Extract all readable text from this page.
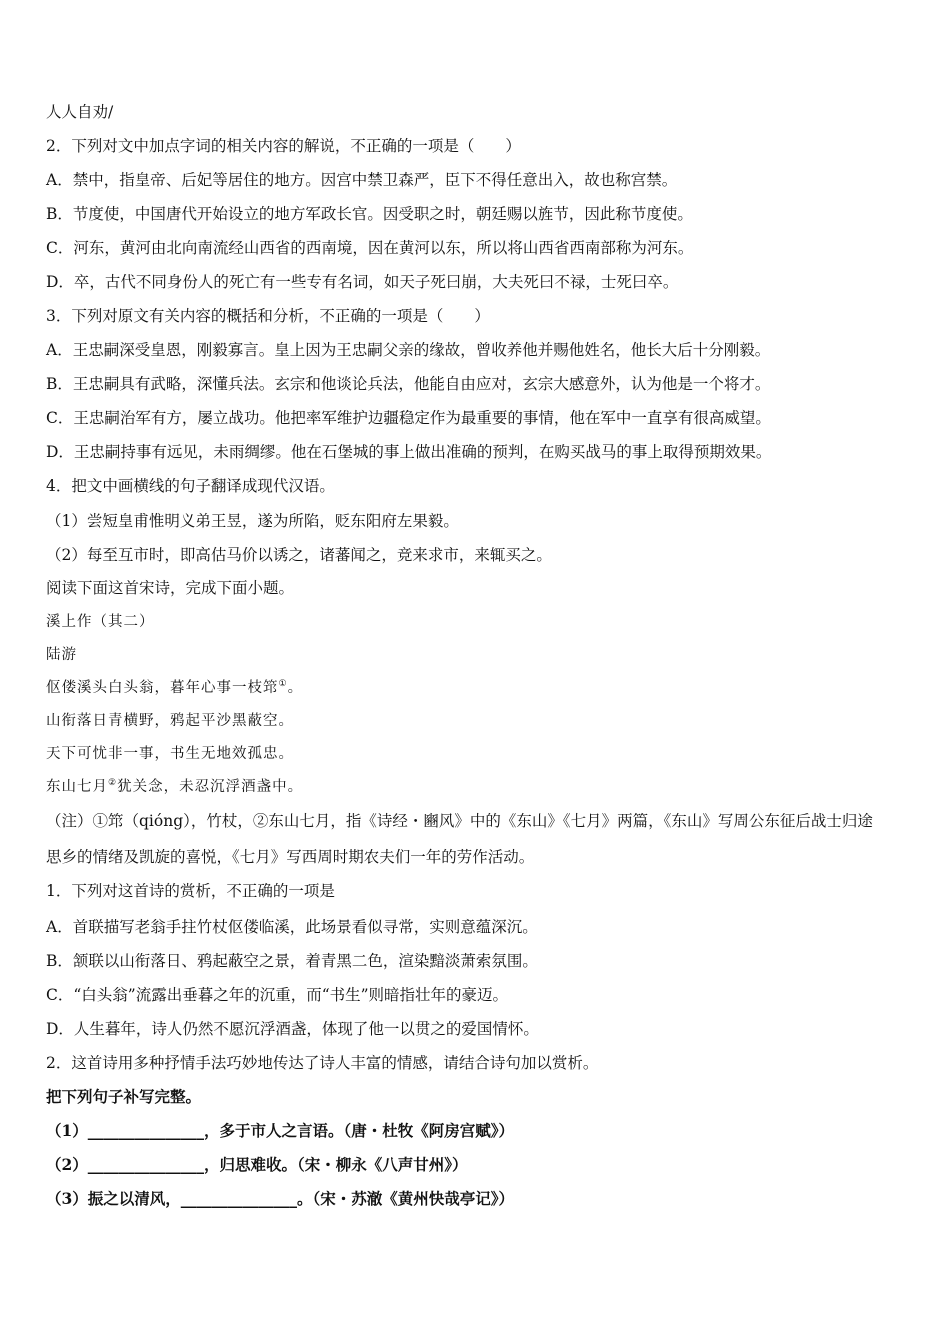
人人自劝/
2．下列对文中加点字词的相关内容的解说，不正确的一项是（　　）
A．禁中，指皇帝、后妃等居住的地方。因宫中禁卫森严，臣下不得任意出入，故也称宫禁。
B．节度使，中国唐代开始设立的地方军政长官。因受职之时，朝廷赐以旌节，因此称节度使。
C．河东，黄河由北向南流经山西省的西南境，因在黄河以东，所以将山西省西南部称为河东。
D．卒，古代不同身份人的死亡有一些专有名词，如天子死曰崩，大夫死曰不禄，士死曰卒。
3．下列对原文有关内容的概括和分析，不正确的一项是（　　）
A．王忠嗣深受皇恩，刚毅寡言。皇上因为王忠嗣父亲的缘故，曾收养他并赐他姓名，他长大后十分刚毅。
B．王忠嗣具有武略，深懂兵法。玄宗和他谈论兵法，他能自由应对，玄宗大感意外，认为他是一个将才。
C．王忠嗣治军有方，屡立战功。他把率军维护边疆稳定作为最重要的事情，他在军中一直享有很高威望。
D．王忠嗣持事有远见，未雨绸缪。他在石堡城的事上做出准确的预判，在购买战马的事上取得预期效果。
4．把文中画横线的句子翻译成现代汉语。
（1）尝短皇甫惟明义弟王昱，遂为所陷，贬东阳府左果毅。
（2）每至互市时，即高估马价以诱之，诸蕃闻之，竞来求市，来辄买之。
阅读下面这首宋诗，完成下面小题。
溪上作（其二）
陆游
伛偻溪头白头翁，暮年心事一枝筇①。
山衔落日青横野，鸦起平沙黑蔽空。
天下可忧非一事，书生无地效孤忠。
东山七月②犹关念，未忍沉浮酒盏中。
（注）①筇（qióng），竹杖，②东山七月，指《诗经・豳风》中的《东山》《七月》两篇，《东山》写周公东征后战士归途
思乡的情绪及凯旋的喜悦，《七月》写西周时期农夫们一年的劳作活动。
1．下列对这首诗的赏析，不正确的一项是
A．首联描写老翁手拄竹杖伛偻临溪，此场景看似寻常，实则意蕴深沉。
B．颔联以山衔落日、鸦起蔽空之景，着青黑二色，渲染黯淡萧索氛围。
C．“白头翁”流露出垂暮之年的沉重，而“书生”则暗指壮年的豪迈。
D．人生暮年，诗人仍然不愿沉浮酒盏，体现了他一以贯之的爱国情怀。
2．这首诗用多种抒情手法巧妙地传达了诗人丰富的情感，请结合诗句加以赏析。
把下列句子补写完整。
（1）_______________，多于市人之言语。（唐・杜牧《阿房宫赋》）
（2）_______________，归思难收。（宋・柳永《八声甘州》）
（3）振之以清风，_______________。（宋・苏澈《黄州快哉亭记》）
